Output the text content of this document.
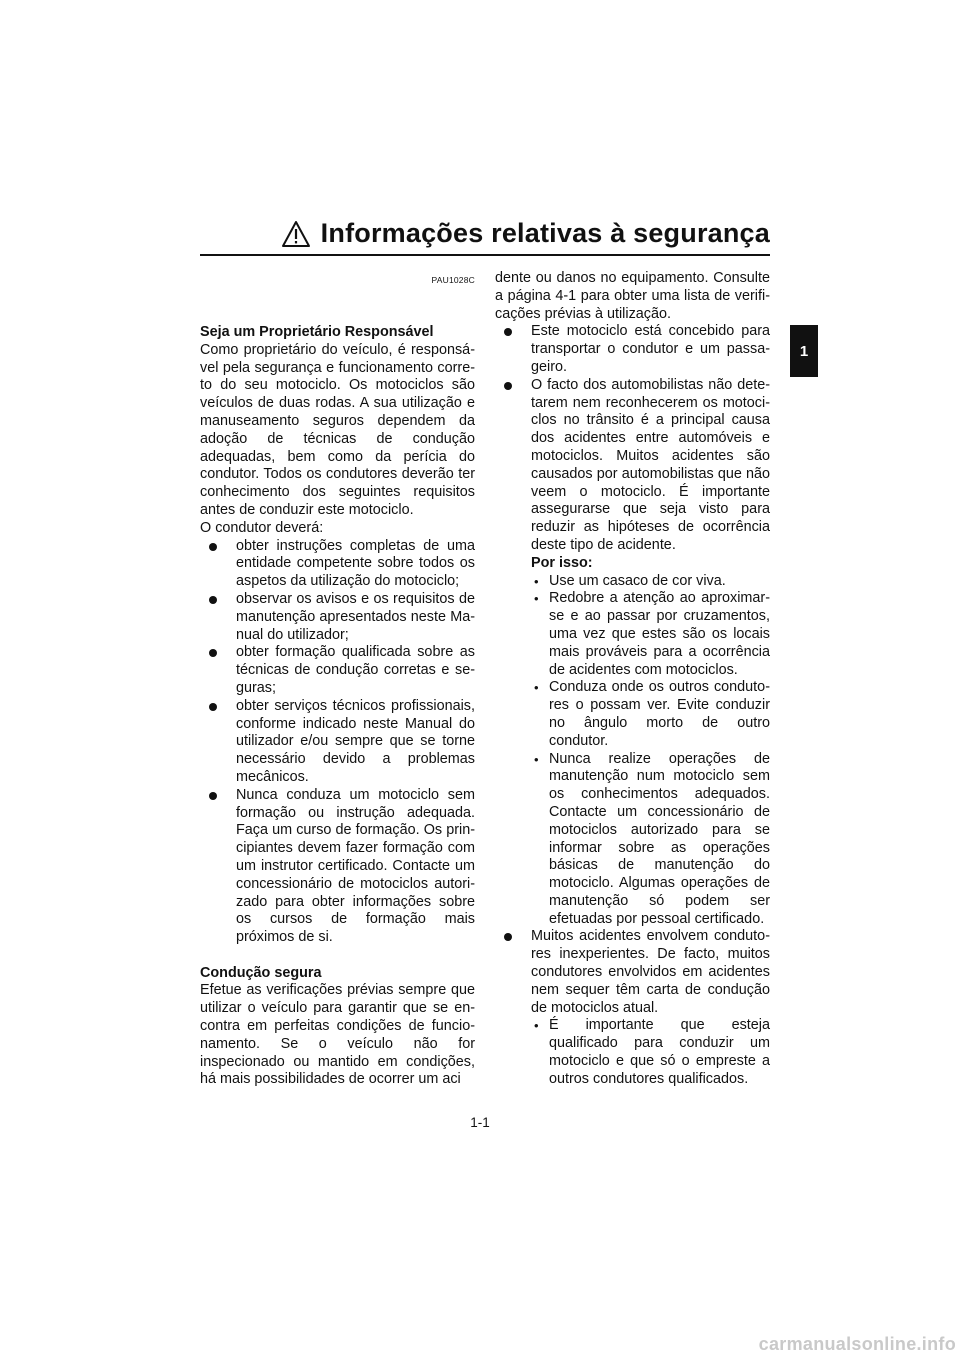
Informações relativas à segurança
1
PAU1028C

Seja um Proprietário Responsável

Como proprietário do veículo, é responsável pela segurança e funcionamento correto do seu motociclo. Os motociclos são veículos de duas rodas. A sua utilização e manuseamento seguros dependem da adoção de técnicas de condução adequadas, bem como da perícia do condutor. Todos os condutores deverão ter conhecimento dos seguintes requisitos antes de conduzir este motociclo.

O condutor deverá:

obter instruções completas de uma entidade competente sobre todos os aspetos da utilização do motociclo;
observar os avisos e os requisitos de manutenção apresentados neste Manual do utilizador;
obter formação qualificada sobre as técnicas de condução corretas e seguras;
obter serviços técnicos profissionais, conforme indicado neste Manual do utilizador e/ou sempre que se torne necessário devido a problemas mecânicos.
Nunca conduza um motociclo sem formação ou instrução adequada. Faça um curso de formação. Os principiantes devem fazer formação com um instrutor certificado. Contacte um concessionário de motociclos autorizado para obter informações sobre os cursos de formação mais próximos de si.

Condução segura

Efetue as verificações prévias sempre que utilizar o veículo para garantir que se encontra em perfeitas condições de funcionamento. Se o veículo não for inspecionado ou mantido em condições, há mais possibilidades de ocorrer um aci

dente ou danos no equipamento. Consulte a página 4-1 para obter uma lista de verificações prévias à utilização.

Este motociclo está concebido para transportar o condutor e um passageiro.
O facto dos automobilistas não detetarem nem reconhecerem os motociclos no trânsito é a principal causa dos acidentes entre automóveis e motociclos. Muitos acidentes são causados por automobilistas que não veem o motociclo. É importante assegurarse que seja visto para reduzir as hipóteses de ocorrência deste tipo de acidente.
Por isso:
• Use um casaco de cor viva.
• Redobre a atenção ao aproximarse e ao passar por cruzamentos, uma vez que estes são os locais mais prováveis para a ocorrência de acidentes com motociclos.
• Conduza onde os outros condutores o possam ver. Evite conduzir no ângulo morto de outro condutor.
• Nunca realize operações de manutenção num motociclo sem os conhecimentos adequados. Contacte um concessionário de motociclos autorizado para se informar sobre as operações básicas de manutenção do motociclo. Algumas operações de manutenção só podem ser efetuadas por pessoal certificado.
Muitos acidentes envolvem condutores inexperientes. De facto, muitos condutores envolvidos em acidentes nem sequer têm carta de condução de motociclos atual.
• É importante que esteja qualificado para conduzir um motociclo e que só o empreste a outros condutores qualificados.
1-1
carmanualsonline.info
